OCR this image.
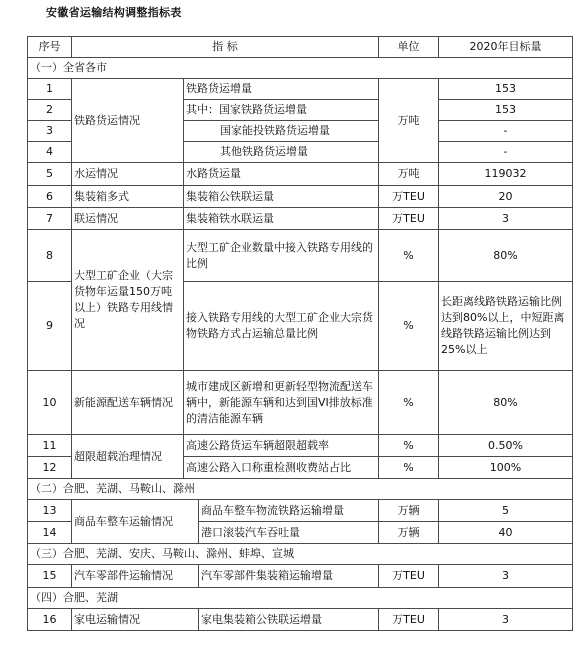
安徽省运输结构调整指标表
序号	指 标			单位	2020年目标量
（一）全省各市					
1	铁路货运情况	铁路货运增量		万吨	153
2		其中：国家铁路货运增量			153
3		国家能投铁路货运增量			-
4		其他铁路货运增量			-
5	水运情况	水路货运量		万吨	119032
6	集装箱多式	集装箱公铁联运量		万TEU	20
7	联运情况	集装箱铁水联运量		万TEU	3
8	大型工矿企业（大宗货物年运量150万吨以上）铁路专用线情况	大型工矿企业数量中接入铁路专用线的比例		%	80%
9		接入铁路专用线的大型工矿企业大宗货物铁路方式占运输总量比例		%	长距离线路铁路运输比例达到80%以上，中短距离线路铁路运输比例达到25%以上
10	新能源配送车辆情况	城市建成区新增和更新轻型物流配送车辆中，新能源车辆和达到国VI排放标准的清洁能源车辆		%	80%
11	超限超载治理情况	高速公路货运车辆超限超载率		%	0.50%
12		高速公路入口称重检测收费站占比		%	100%
（二）合肥、芜湖、马鞍山、滁州					
13	商品车整车运输情况		商品车整车物流铁路运输增量	万辆	5
14			港口滚装汽车吞吐量	万辆	40
（三）合肥、芜湖、安庆、马鞍山、滁州、蚌埠、宣城					
15	汽车零部件运输情况		汽车零部件集装箱运输增量	万TEU	3
（四）合肥、芜湖					
16	家电运输情况		家电集装箱公铁联运增量	万TEU	3
